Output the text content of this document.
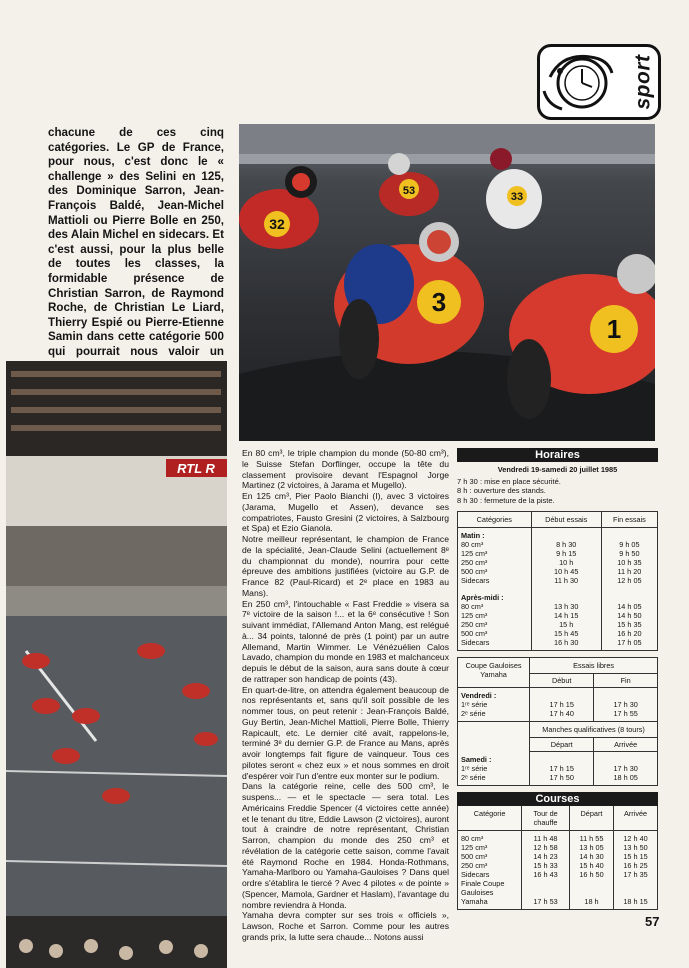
sport
chacune de ces cinq catégories. Le GP de France, pour nous, c'est donc le « challenge » des Selini en 125, des Dominique Sarron, Jean-François Baldé, Jean-Michel Mattioli ou Pierre Bolle en 250, des Alain Michel en sidecars. Et c'est aussi, pour la plus belle de toutes les classes, la formidable présence de Christian Sarron, de Raymond Roche, de Christian Le Liard, Thierry Espié ou Pierre-Etienne Samin dans cette catégorie 500 qui pourrait nous valoir un
32
53	33
3
1
RTL R

En 80 cm³, le triple champion du monde (50-80 cm³), le Suisse Stefan Dorflinger, occupe la tête du classement provisoire devant l'Espagnol Jorge Martinez (2 victoires, à Jarama et Mugello).

En 125 cm³, Pier Paolo Bianchi (I), avec 3 victoires (Jarama, Mugello et Assen), devance ses compatriotes, Fausto Gresini (2 victoires, à Salzbourg et Spa) et Ezio Gianola.

Notre meilleur représentant, le champion de France de la spécialité, Jean-Claude Selini (actuellement 8ᵉ du championnat du monde), nourrira pour cette épreuve des ambitions justifiées (victoire au G.P. de France 82 (Paul-Ricard) et 2ᵉ place en 1983 au Mans).

En 250 cm³, l'intouchable « Fast Freddie » visera sa 7ᵉ victoire de la saison !... et la 6ᵉ consécutive ! Son suivant immédiat, l'Allemand Anton Mang, est relégué à... 34 points, talonné de près (1 point) par un autre Allemand, Martin Wimmer. Le Vénézuélien Calos Lavado, champion du monde en 1983 et malchanceux depuis le début de la saison, aura sans doute à cœur de rattraper son handicap de points (43).

En quart-de-litre, on attendra également beaucoup de nos représentants et, sans qu'il soit possible de les nommer tous, on peut retenir : Jean-François Baldé, Guy Bertin, Jean-Michel Mattioli, Pierre Bolle, Thierry Rapicault, etc. Le dernier cité avait, rappelons-le, terminé 3ᵉ du dernier G.P. de France au Mans, après avoir longtemps fait figure de vainqueur. Tous ces pilotes seront « chez eux » et nous sommes en droit d'espérer voir l'un d'entre eux monter sur le podium.

Dans la catégorie reine, celle des 500 cm³, le suspens... — et le spectacle — sera total. Les Américains Freddie Spencer (4 victoires cette année) et le tenant du titre, Eddie Lawson (2 victoires), auront tout à craindre de notre représentant, Christian Sarron, champion du monde des 250 cm³ et révélation de la catégorie cette saison, comme l'avait été Raymond Roche en 1984. Honda-Rothmans, Yamaha-Marlboro ou Yamaha-Gauloises ? Dans quel ordre s'établira le tiercé ? Avec 4 pilotes « de pointe » (Spencer, Mamola, Gardner et Haslam), l'avantage du nombre reviendra à Honda.

Yamaha devra compter sur ses trois « officiels », Lawson, Roche et Sarron. Comme pour les autres grands prix, la lutte sera chaude... Notons aussi

Horaires
Vendredi 19-samedi 20 juillet 1985
7 h 30 : mise en place sécurité.
8 h : ouverture des stands.
8 h 30 : fermeture de la piste.
Catégories	Début essais	Fin essais
Matin :		
80 cm³	8 h 30	9 h 05
125 cm³	9 h 15	9 h 50
250 cm³	10 h	10 h 35
500 cm³	10 h 45	11 h 20
Sidecars	11 h 30	12 h 05
Après-midi :		
80 cm³	13 h 30	14 h 05
125 cm³	14 h 15	14 h 50
250 cm³	15 h	15 h 35
500 cm³	15 h 45	16 h 20
Sidecars	16 h 30	17 h 05
Coupe Gauloises Yamaha	Essais libres	
	Début	Fin
Vendredi :		
1ʳᵉ série	17 h 15	17 h 30
2ᵉ série	17 h 40	17 h 55
	Manches qualificatives (8 tours)	
	Départ	Arrivée
Samedi :		
1ʳᵉ série	17 h 15	17 h 30
2ᵉ série	17 h 50	18 h 05
Courses
Catégorie	Tour de chauffe	Départ	Arrivée
80 cm³	11 h 48	11 h 55	12 h 40
125 cm³	12 h 58	13 h 05	13 h 50
500 cm³	14 h 23	14 h 30	15 h 15
250 cm³	15 h 33	15 h 40	16 h 25
Sidecars	16 h 43	16 h 50	17 h 35
Finale Coupe Gauloises Yamaha	17 h 53	18 h	18 h 15
57
